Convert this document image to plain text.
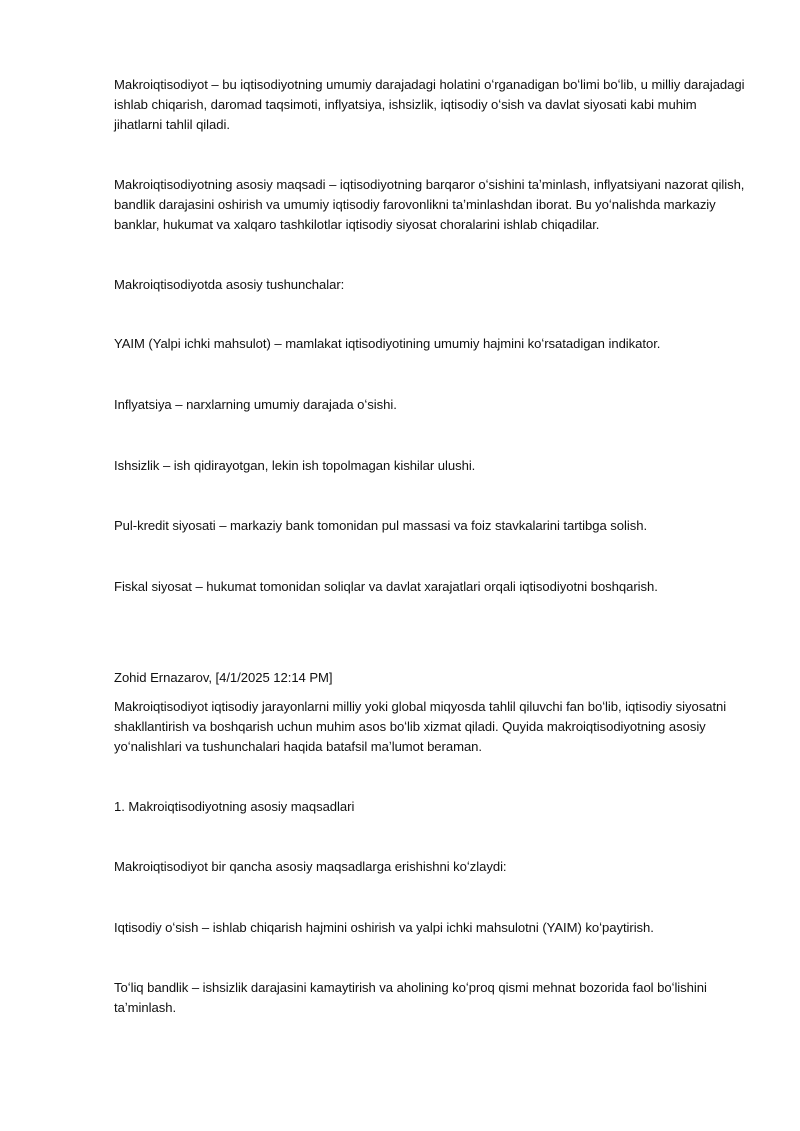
Makroiqtisodiyot – bu iqtisodiyotning umumiy darajadagi holatini oʻrganadigan boʻlimi boʻlib, u milliy darajadagi ishlab chiqarish, daromad taqsimoti, inflyatsiya, ishsizlik, iqtisodiy oʻsish va davlat siyosati kabi muhim jihatlarni tahlil qiladi.

Makroiqtisodiyotning asosiy maqsadi – iqtisodiyotning barqaror oʻsishini taʼminlash, inflyatsiyani nazorat qilish, bandlik darajasini oshirish va umumiy iqtisodiy farovonlikni taʼminlashdan iborat. Bu yoʻnalishda markaziy banklar, hukumat va xalqaro tashkilotlar iqtisodiy siyosat choralarini ishlab chiqadilar.

Makroiqtisodiyotda asosiy tushunchalar:

YAIM (Yalpi ichki mahsulot) – mamlakat iqtisodiyotining umumiy hajmini koʻrsatadigan indikator.

Inflyatsiya – narxlarning umumiy darajada oʻsishi.

Ishsizlik – ish qidirayotgan, lekin ish topolmagan kishilar ulushi.

Pul-kredit siyosati – markaziy bank tomonidan pul massasi va foiz stavkalarini tartibga solish.

Fiskal siyosat – hukumat tomonidan soliqlar va davlat xarajatlari orqali iqtisodiyotni boshqarish.

Zohid Ernazarov, [4/1/2025 12:14 PM]

Makroiqtisodiyot iqtisodiy jarayonlarni milliy yoki global miqyosda tahlil qiluvchi fan boʻlib, iqtisodiy siyosatni shakllantirish va boshqarish uchun muhim asos boʻlib xizmat qiladi. Quyida makroiqtisodiyotning asosiy yoʻnalishlari va tushunchalari haqida batafsil maʼlumot beraman.

1. Makroiqtisodiyotning asosiy maqsadlari

Makroiqtisodiyot bir qancha asosiy maqsadlarga erishishni koʻzlaydi:

Iqtisodiy oʻsish – ishlab chiqarish hajmini oshirish va yalpi ichki mahsulotni (YAIM) koʻpaytirish.

Toʻliq bandlik – ishsizlik darajasini kamaytirish va aholining koʻproq qismi mehnat bozorida faol boʻlishini taʼminlash.
